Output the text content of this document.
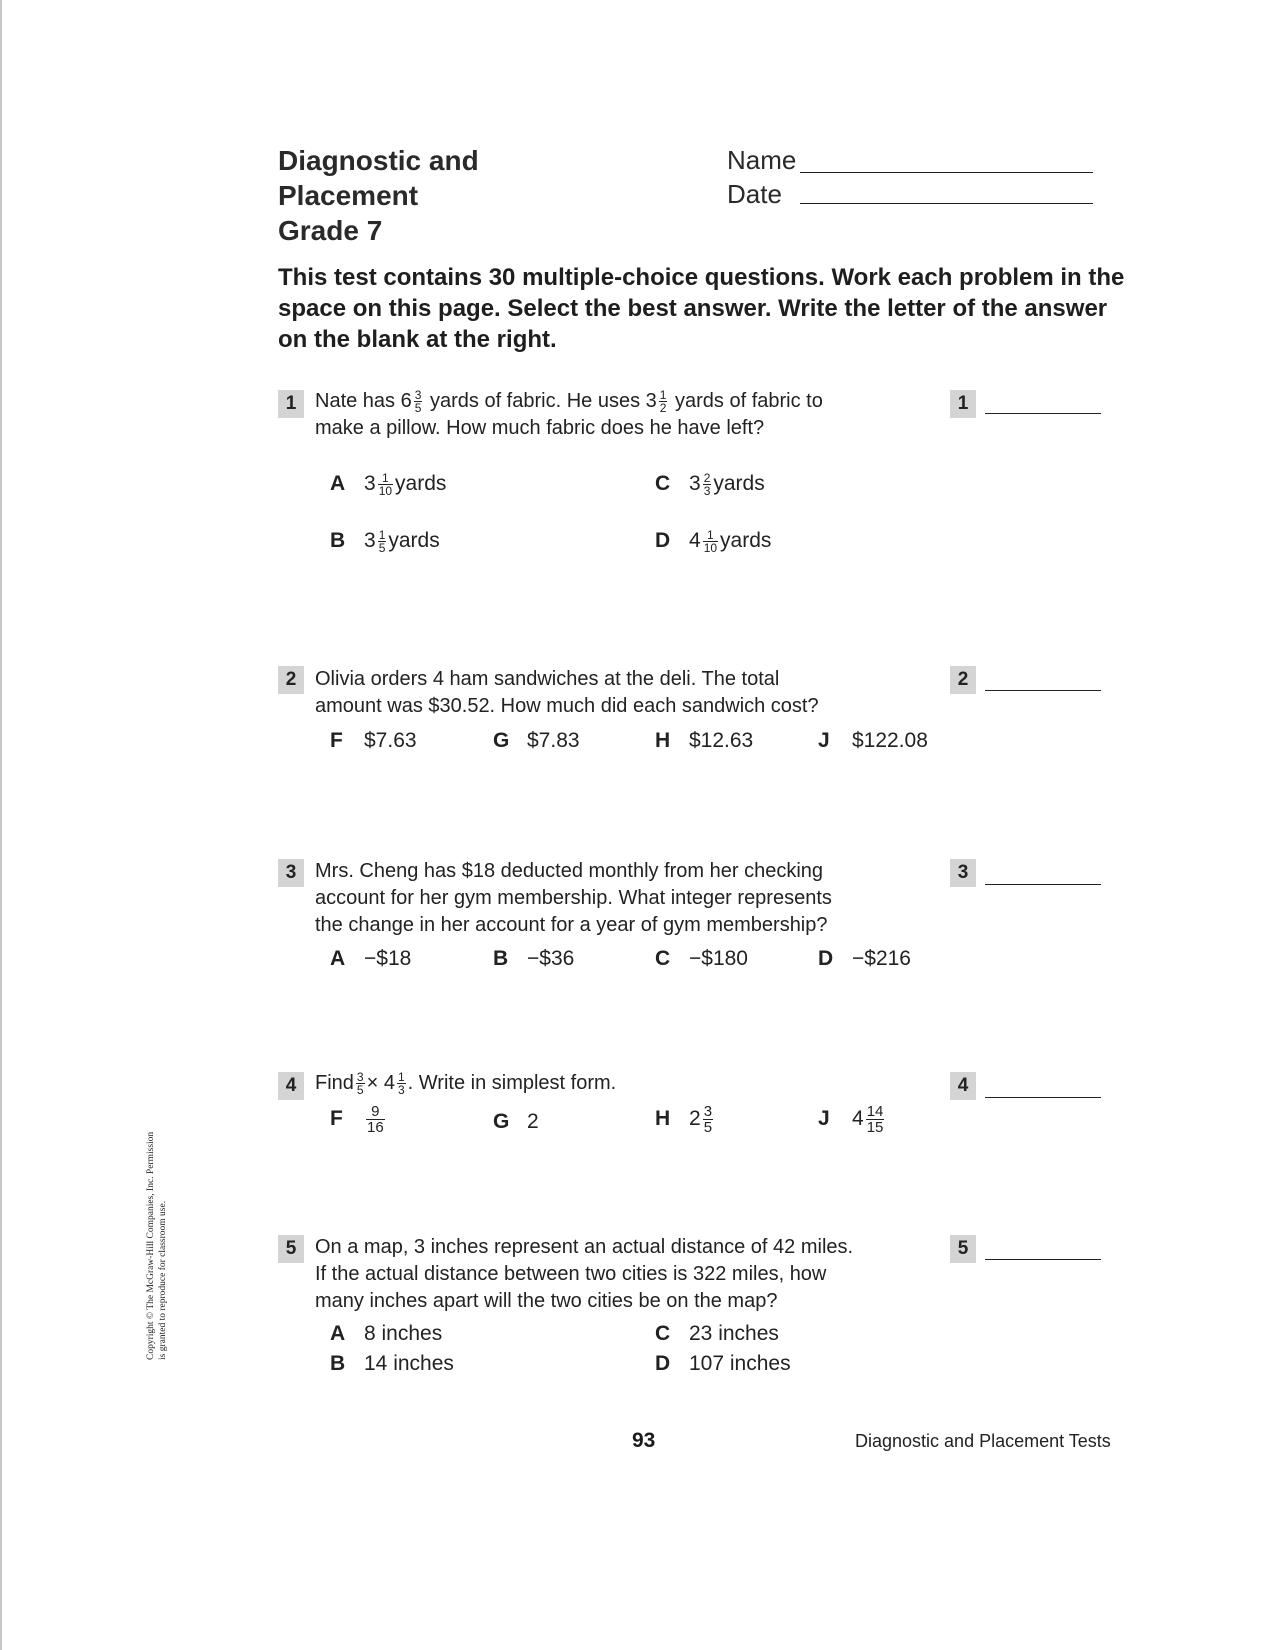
Diagnostic and
Placement
Grade 7
Name
Date
This test contains 30 multiple-choice questions. Work each problem in the space on this page. Select the best answer. Write the letter of the answer on the blank at the right.
1 Nate has $6 \frac{3}{5}$ yards of fabric. He uses $3 \frac{1}{2}$ yards of fabric to
make a pillow. How much fabric does he have left?
1
A $3 \frac{1}{10}$ yards
B $3 \frac{1}{5}$ yards
C $3 \frac{2}{3}$ yards
D $4 \frac{1}{10}$ yards
2 Olivia orders 4 ham sandwiches at the deli. The total
amount was $30.52. How much did each sandwich cost?
2
F $7.63	G $7.83	H $12.63	J $122.08
3 Mrs. Cheng has $18 deducted monthly from her checking
account for her gym membership. What integer represents
the change in her account for a year of gym membership?
3
A −$18	B −$36	C −$180	D −$216
4 Find $\frac{3}{5} \times 4 \frac{1}{3}$ . Write in simplest form.	4
F $\frac{9}{16}$	G 2	H $2 \frac{3}{5}$	J $4 \frac{14}{15}$
5 On a map, 3 inches represent an actual distance of 42 miles.
If the actual distance between two cities is 322 miles, how
many inches apart will the two cities be on the map?
5
A 8 inches
B 14 inches
C 23 inches
D 107 inches
93	Diagnostic and Placement Tests
Copyright © The McGraw-Hill Companies, Inc. Permission is granted to reproduce for classroom use.
